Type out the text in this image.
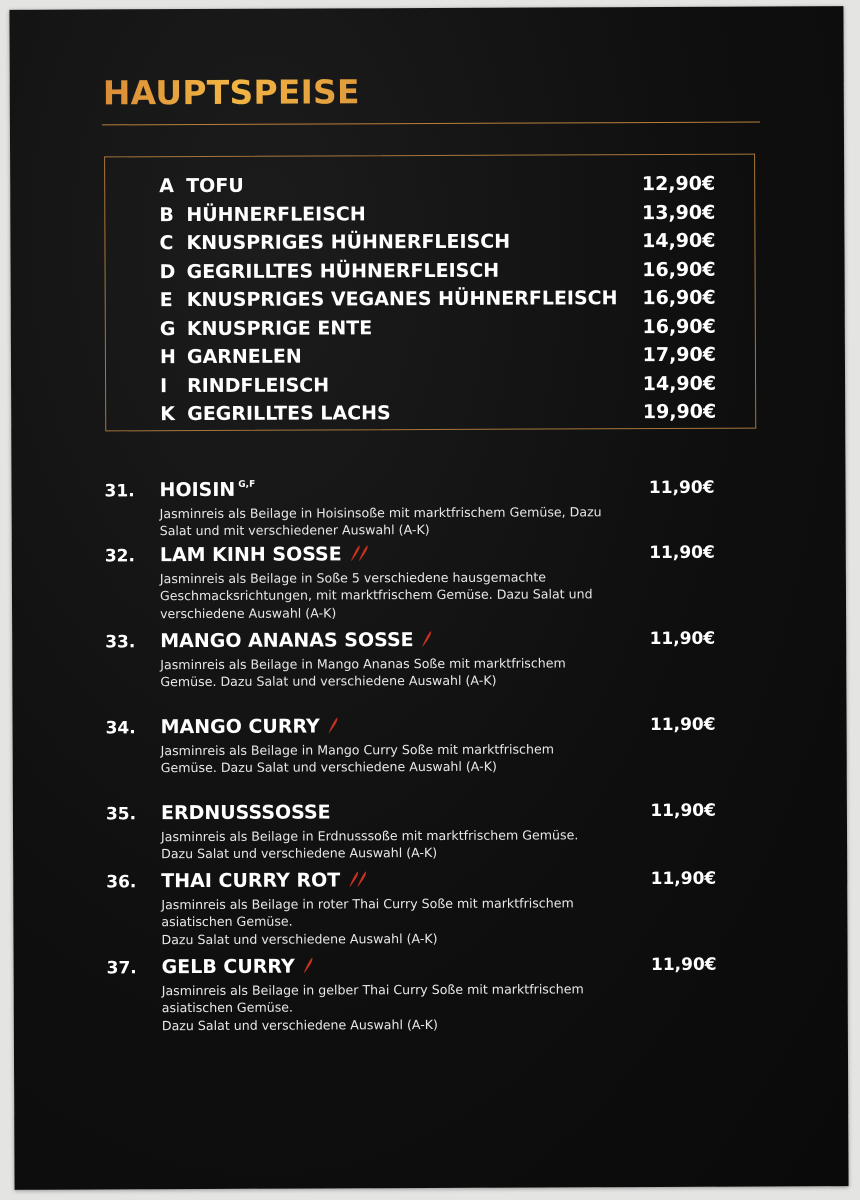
HAUPTSPEISE
A TOFU	12,90€
B HÜHNERFLEISCH	13,90€
C KNUSPRIGES HÜHNERFLEISCH	14,90€
D GEGRILLTES HÜHNERFLEISCH	16,90€
E KNUSPRIGES VEGANES HÜHNERFLEISCH 16,90€
G KNUSPRIGE ENTE	16,90€
H GARNELEN	17,90€
I RINDFLEISCH	14,90€
K GEGRILLTES LACHS	19,90€
31. HOISIN $^{G,F}$	11,90€
Jasminreis als Beilage in Hoisinsoße mit marktfrischem Gemüse, Dazu Salat und mit verschiedener Auswahl (A-K)
32. LAM KINH SOSSE	11,90€
Jasminreis als Beilage in Soße 5 verschiedene hausgemachte Geschmacksrichtungen, mit marktfrischem Gemüse. Dazu Salat und verschiedene Auswahl (A-K)
33. MANGO ANANAS SOSSE	11,90€
Jasminreis als Beilage in Mango Ananas Soße mit marktfrischem Gemüse. Dazu Salat und verschiedene Auswahl (A-K)
34. MANGO CURRY	11,90€
Jasminreis als Beilage in Mango Curry Soße mit marktfrischem Gemüse. Dazu Salat und verschiedene Auswahl (A-K)
35. ERDNUSSSOSSE	11,90€
Jasminreis als Beilage in Erdnusssoße mit marktfrischem Gemüse. Dazu Salat und verschiedene Auswahl (A-K)
36. THAI CURRY ROT	11,90€
Jasminreis als Beilage in roter Thai Curry Soße mit marktfrischem asiatischen Gemüse.
Dazu Salat und verschiedene Auswahl (A-K)
37. GELB CURRY	11,90€
Jasminreis als Beilage in gelber Thai Curry Soße mit marktfrischem asiatischen Gemüse.
Dazu Salat und verschiedene Auswahl (A-K)
